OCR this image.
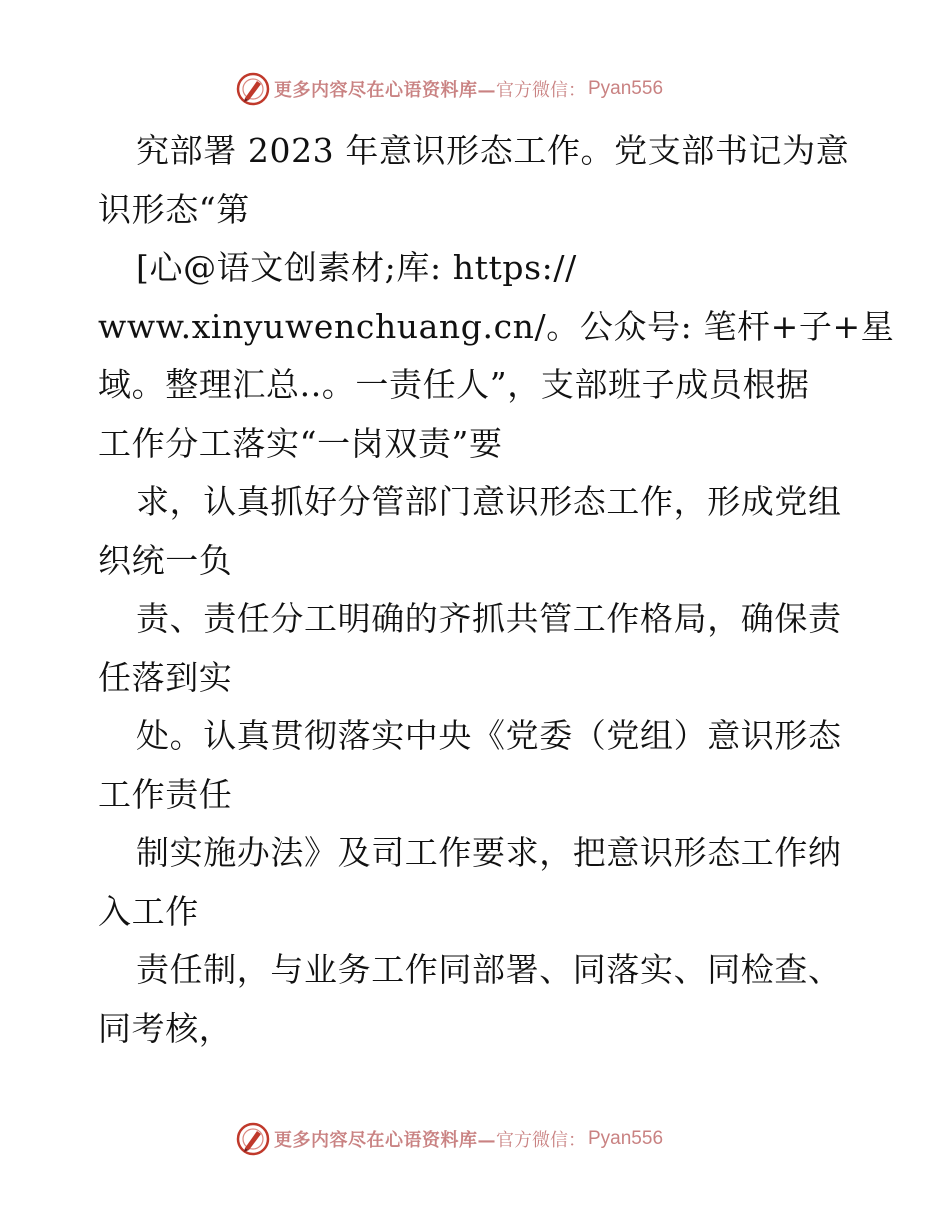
更多内容尽在心语资料库— 官方微信： Pyan556
究部署 2023 年意识形态工作。党支部书记为意
识形态“第
[心@语文创素材;库: https://
www.xinyuwenchuang.cn/。公众号: 笔杆+子+星
域。整理汇总..。一责任人”，支部班子成员根据
工作分工落实“一岗双责”要
求，认真抓好分管部门意识形态工作，形成党组
织统一负
责、责任分工明确的齐抓共管工作格局，确保责
任落到实
处。认真贯彻落实中央《党委（党组）意识形态
工作责任
制实施办法》及司工作要求，把意识形态工作纳
入工作
责任制，与业务工作同部署、同落实、同检查、
同考核，
更多内容尽在心语资料库— 官方微信： Pyan556
